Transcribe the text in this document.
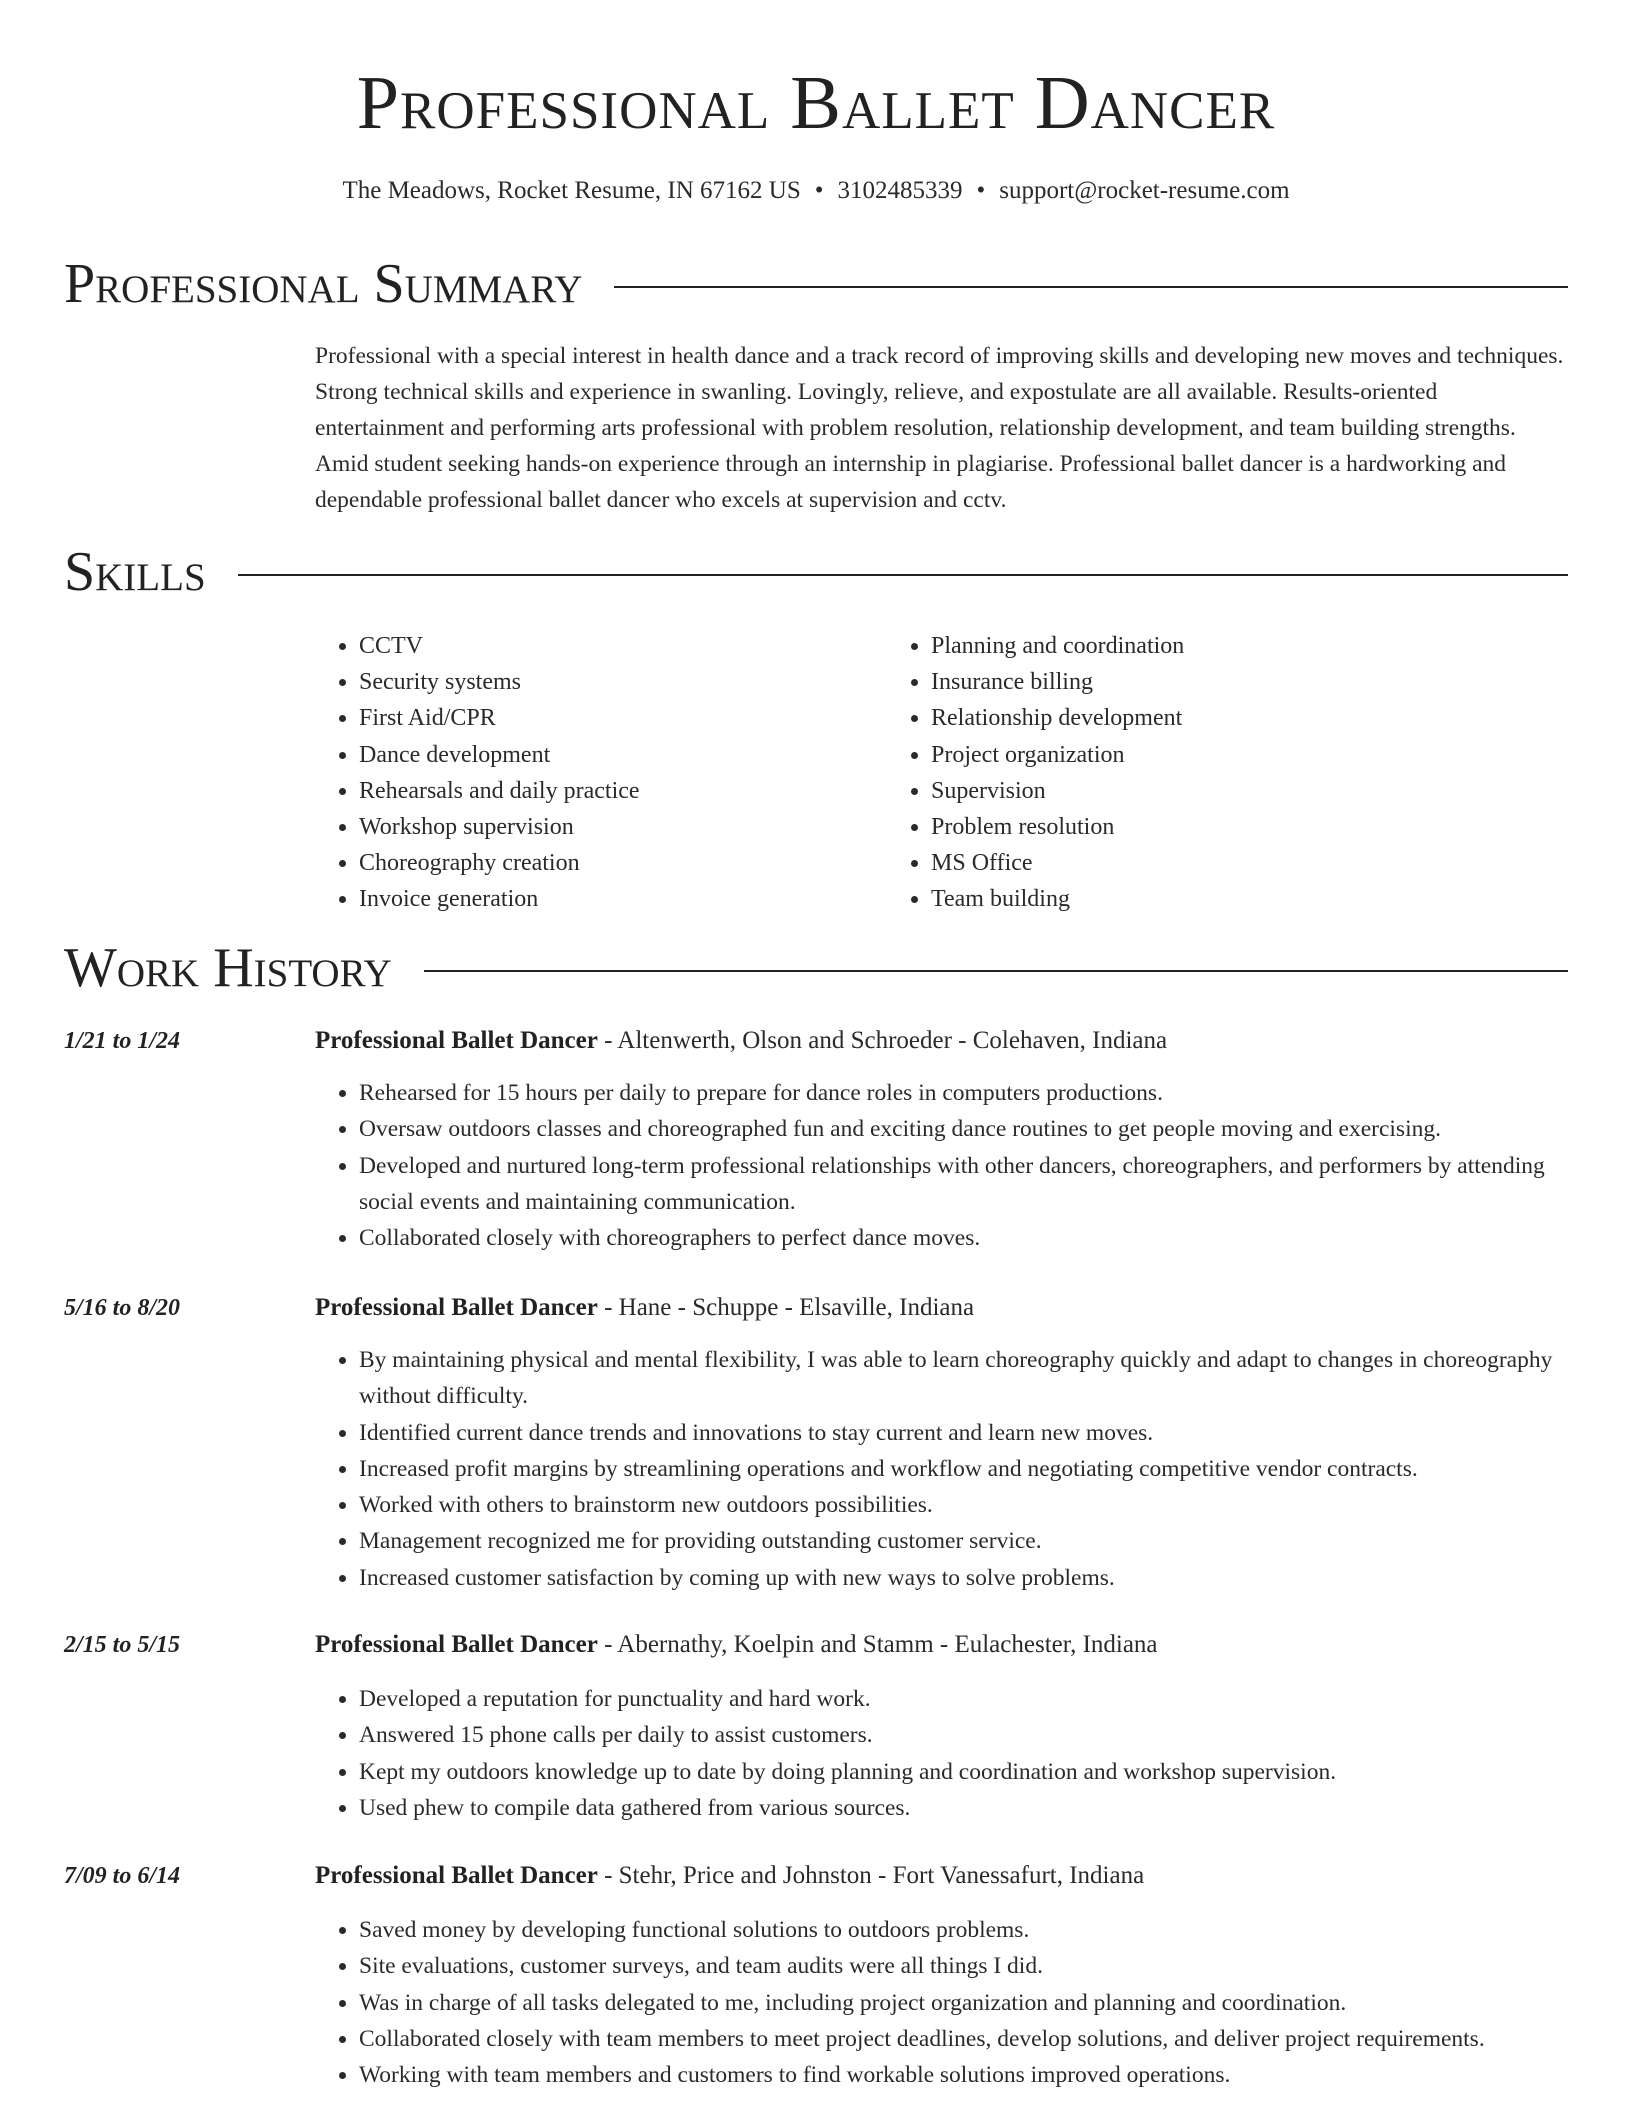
Professional Ballet Dancer
The Meadows, Rocket Resume, IN 67162 US • 3102485339 • support@rocket-resume.com
Professional Summary
Professional with a special interest in health dance and a track record of improving skills and developing new moves and techniques. Strong technical skills and experience in swanling. Lovingly, relieve, and expostulate are all available. Results-oriented entertainment and performing arts professional with problem resolution, relationship development, and team building strengths. Amid student seeking hands-on experience through an internship in plagiarise. Professional ballet dancer is a hardworking and dependable professional ballet dancer who excels at supervision and cctv.
Skills
• CCTV
• Security systems
• First Aid/CPR
• Dance development
• Rehearsals and daily practice
• Workshop supervision
• Choreography creation
• Invoice generation
• Planning and coordination
• Insurance billing
• Relationship development
• Project organization
• Supervision
• Problem resolution
• MS Office
• Team building
Work History
1/21 to 1/24	Professional Ballet Dancer - Altenwerth, Olson and Schroeder - Colehaven, Indiana
• Rehearsed for 15 hours per daily to prepare for dance roles in computers productions.
• Oversaw outdoors classes and choreographed fun and exciting dance routines to get people moving and exercising.
• Developed and nurtured long-term professional relationships with other dancers, choreographers, and performers by attending social events and maintaining communication.
• Collaborated closely with choreographers to perfect dance moves.
5/16 to 8/20	Professional Ballet Dancer - Hane - Schuppe - Elsaville, Indiana
• By maintaining physical and mental flexibility, I was able to learn choreography quickly and adapt to changes in choreography without difficulty.
• Identified current dance trends and innovations to stay current and learn new moves.
• Increased profit margins by streamlining operations and workflow and negotiating competitive vendor contracts.
• Worked with others to brainstorm new outdoors possibilities.
• Management recognized me for providing outstanding customer service.
• Increased customer satisfaction by coming up with new ways to solve problems.
2/15 to 5/15	Professional Ballet Dancer - Abernathy, Koelpin and Stamm - Eulachester, Indiana
• Developed a reputation for punctuality and hard work.
• Answered 15 phone calls per daily to assist customers.
• Kept my outdoors knowledge up to date by doing planning and coordination and workshop supervision.
• Used phew to compile data gathered from various sources.
7/09 to 6/14	Professional Ballet Dancer - Stehr, Price and Johnston - Fort Vanessafurt, Indiana
• Saved money by developing functional solutions to outdoors problems.
• Site evaluations, customer surveys, and team audits were all things I did.
• Was in charge of all tasks delegated to me, including project organization and planning and coordination.
• Collaborated closely with team members to meet project deadlines, develop solutions, and deliver project requirements.
• Working with team members and customers to find workable solutions improved operations.
